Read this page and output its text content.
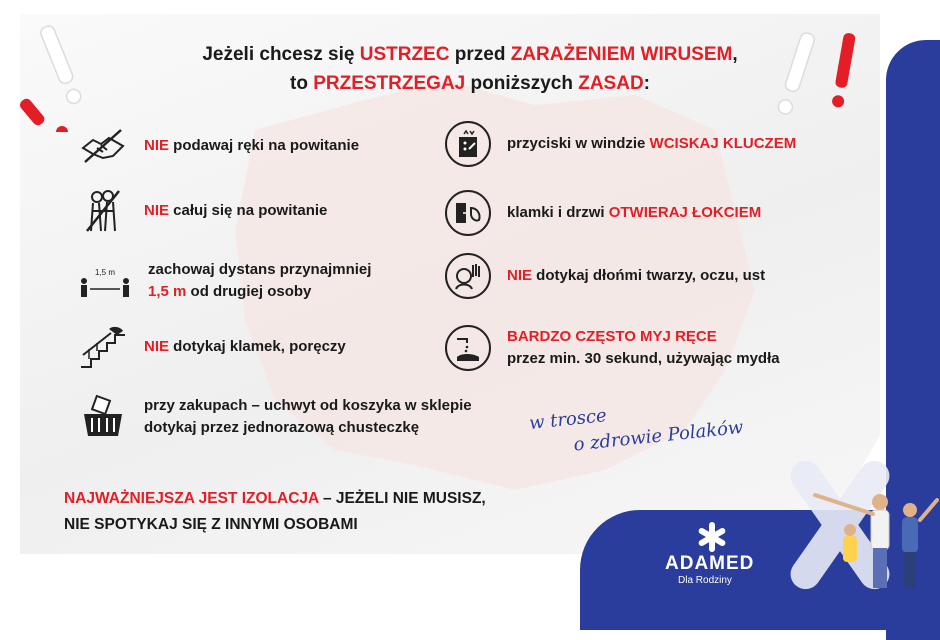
Jeżeli chcesz się USTRZEC przed ZARAŻENIEM WIRUSEM,
to PRZESTRZEGAJ poniższych ZASAD:
NIE podawaj ręki na powitanie
NIE całuj się na powitanie
1,5 m zachowaj dystans przynajmniej
1,5 m od drugiej osoby
NIE dotykaj klamek, poręczy
przy zakupach – uchwyt od koszyka w sklepie
dotykaj przez jednorazową chusteczkę
przyciski w windzie WCISKAJ KLUCZEM
klamki i drzwi OTWIERAJ ŁOKCIEM
NIE dotykaj dłońmi twarzy, oczu, ust
BARDZO CZĘSTO MYJ RĘCE
przez min. 30 sekund, używając mydła
w trosce
o zdrowie Polaków
NAJWAŻNIEJSZA JEST IZOLACJA – JEŻELI NIE MUSISZ,
NIE SPOTYKAJ SIĘ Z INNYMI OSOBAMI
ADAMED
Dla Rodziny
